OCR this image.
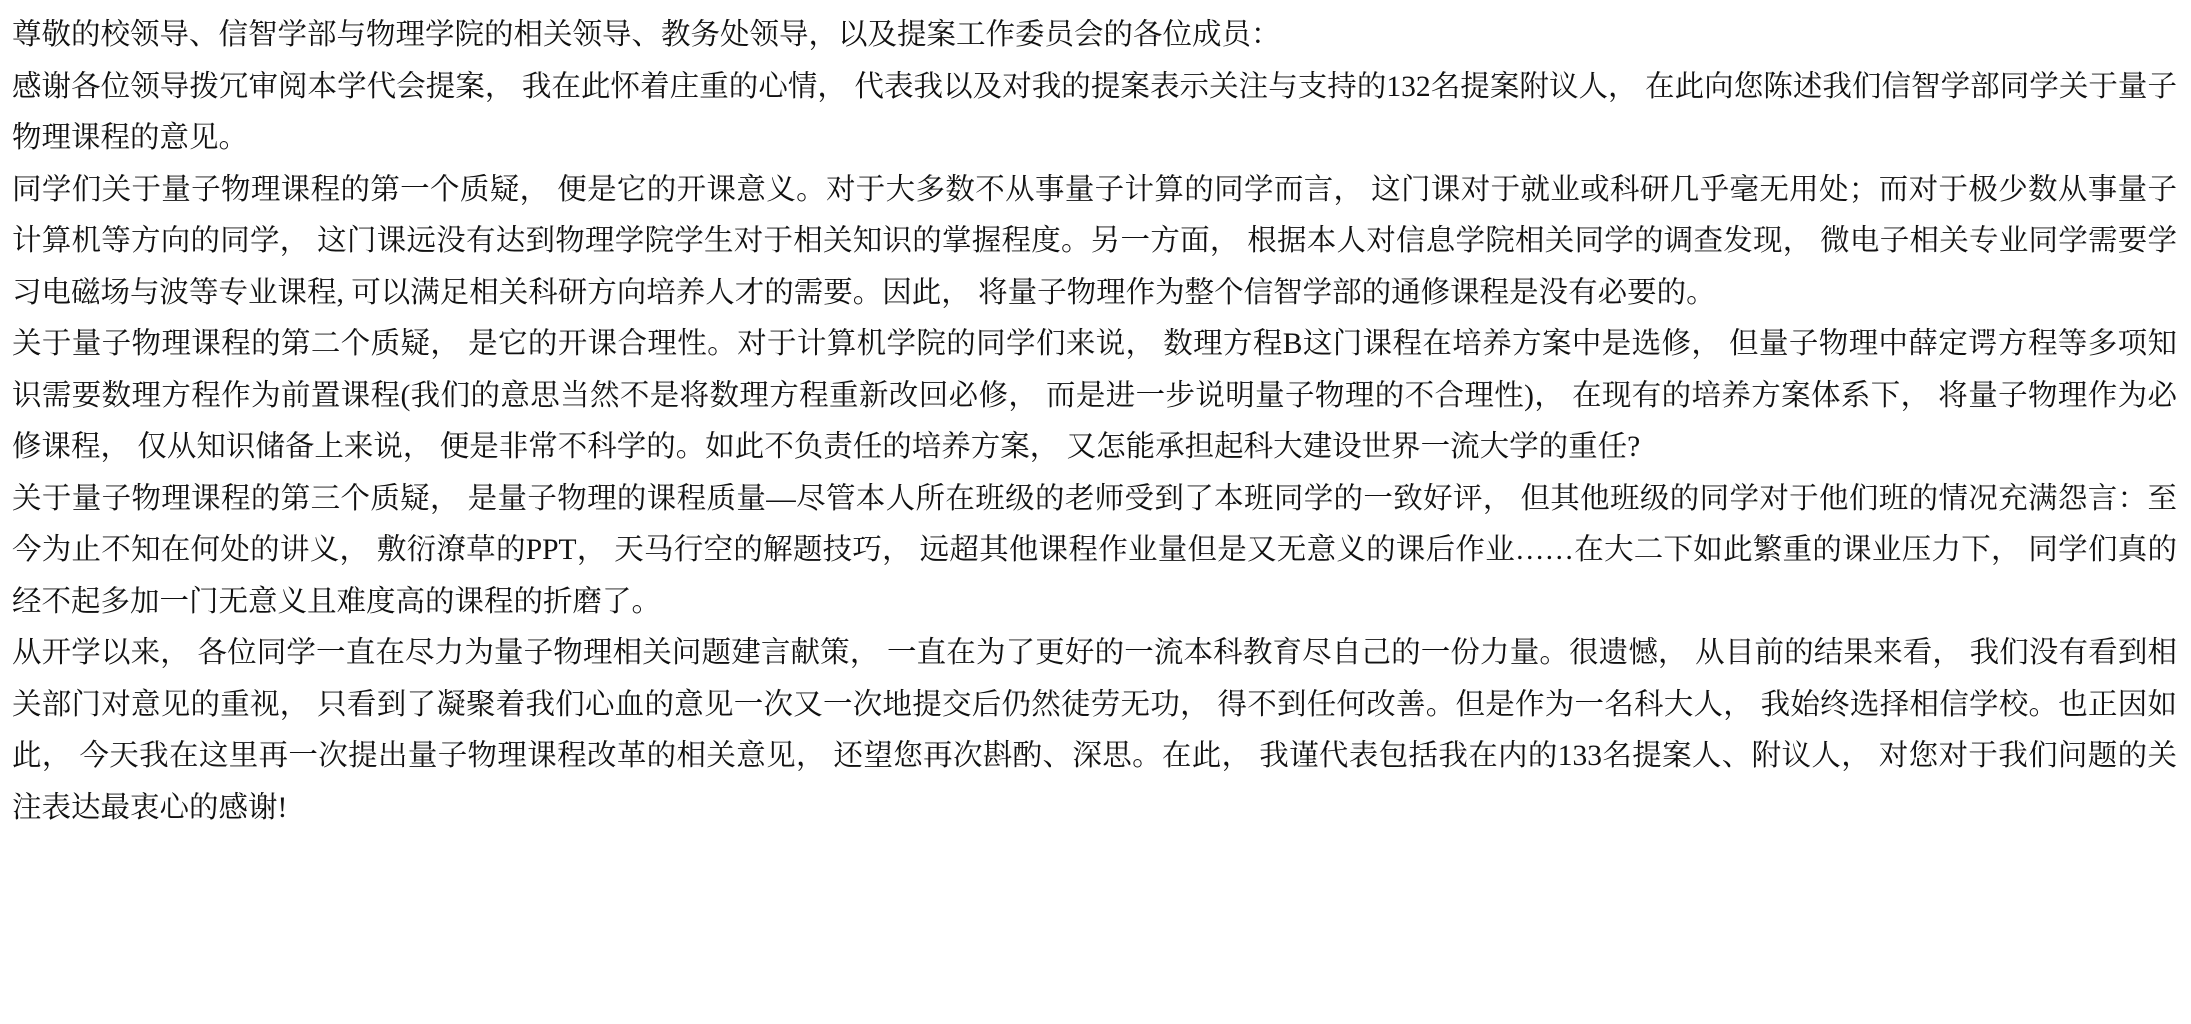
尊敬的校领导、信智学部与物理学院的相关领导、教务处领导，以及提案工作委员会的各位成员：

感谢各位领导拨冗审阅本学代会提案， 我在此怀着庄重的心情， 代表我以及对我的提案表示关注与支持的132名提案附议人， 在此向您陈述我们信智学部同学关于量子物理课程的意见。

同学们关于量子物理课程的第一个质疑， 便是它的开课意义。对于大多数不从事量子计算的同学而言， 这门课对于就业或科研几乎毫无用处；而对于极少数从事量子计算机等方向的同学， 这门课远没有达到物理学院学生对于相关知识的掌握程度。另一方面， 根据本人对信息学院相关同学的调查发现， 微电子相关专业同学需要学习电磁场与波等专业课程, 可以满足相关科研方向培养人才的需要。因此， 将量子物理作为整个信智学部的通修课程是没有必要的。

关于量子物理课程的第二个质疑， 是它的开课合理性。对于计算机学院的同学们来说， 数理方程B这门课程在培养方案中是选修， 但量子物理中薛定谔方程等多项知识需要数理方程作为前置课程(我们的意思当然不是将数理方程重新改回必修， 而是进一步说明量子物理的不合理性)， 在现有的培养方案体系下， 将量子物理作为必修课程， 仅从知识储备上来说， 便是非常不科学的。如此不负责任的培养方案， 又怎能承担起科大建设世界一流大学的重任?

关于量子物理课程的第三个质疑， 是量子物理的课程质量—尽管本人所在班级的老师受到了本班同学的一致好评， 但其他班级的同学对于他们班的情况充满怨言：至今为止不知在何处的讲义， 敷衍潦草的PPT， 天马行空的解题技巧， 远超其他课程作业量但是又无意义的课后作业……在大二下如此繁重的课业压力下， 同学们真的经不起多加一门无意义且难度高的课程的折磨了。

从开学以来， 各位同学一直在尽力为量子物理相关问题建言献策， 一直在为了更好的一流本科教育尽自己的一份力量。很遗憾， 从目前的结果来看， 我们没有看到相关部门对意见的重视， 只看到了凝聚着我们心血的意见一次又一次地提交后仍然徒劳无功， 得不到任何改善。但是作为一名科大人， 我始终选择相信学校。也正因如此， 今天我在这里再一次提出量子物理课程改革的相关意见， 还望您再次斟酌、深思。在此， 我谨代表包括我在内的133名提案人、附议人， 对您对于我们问题的关注表达最衷心的感谢!
